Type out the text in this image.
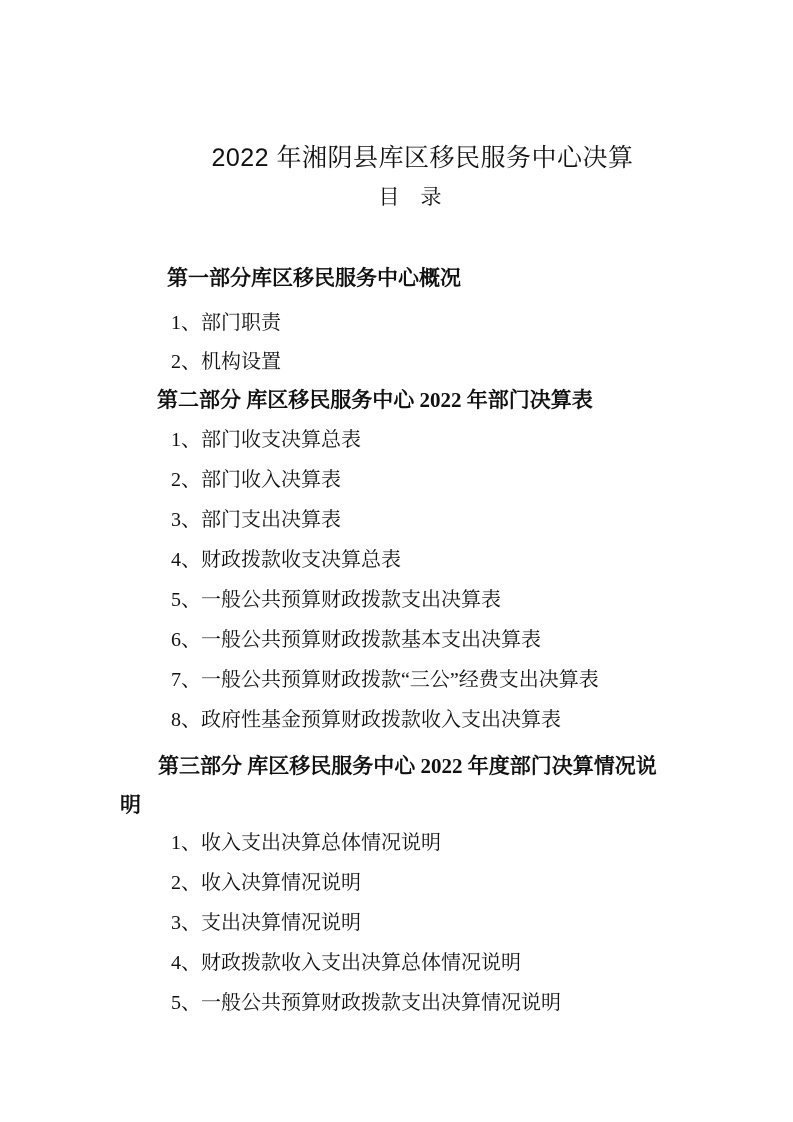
2022 年湘阴县库区移民服务中心决算
目　录
第一部分库区移民服务中心概况
1、部门职责
2、机构设置
第二部分 库区移民服务中心 2022 年部门决算表
1、部门收支决算总表
2、部门收入决算表
3、部门支出决算表
4、财政拨款收支决算总表
5、一般公共预算财政拨款支出决算表
6、一般公共预算财政拨款基本支出决算表
7、一般公共预算财政拨款“三公”经费支出决算表
8、政府性基金预算财政拨款收入支出决算表
第三部分 库区移民服务中心 2022 年度部门决算情况说明
1、收入支出决算总体情况说明
2、收入决算情况说明
3、支出决算情况说明
4、财政拨款收入支出决算总体情况说明
5、一般公共预算财政拨款支出决算情况说明
